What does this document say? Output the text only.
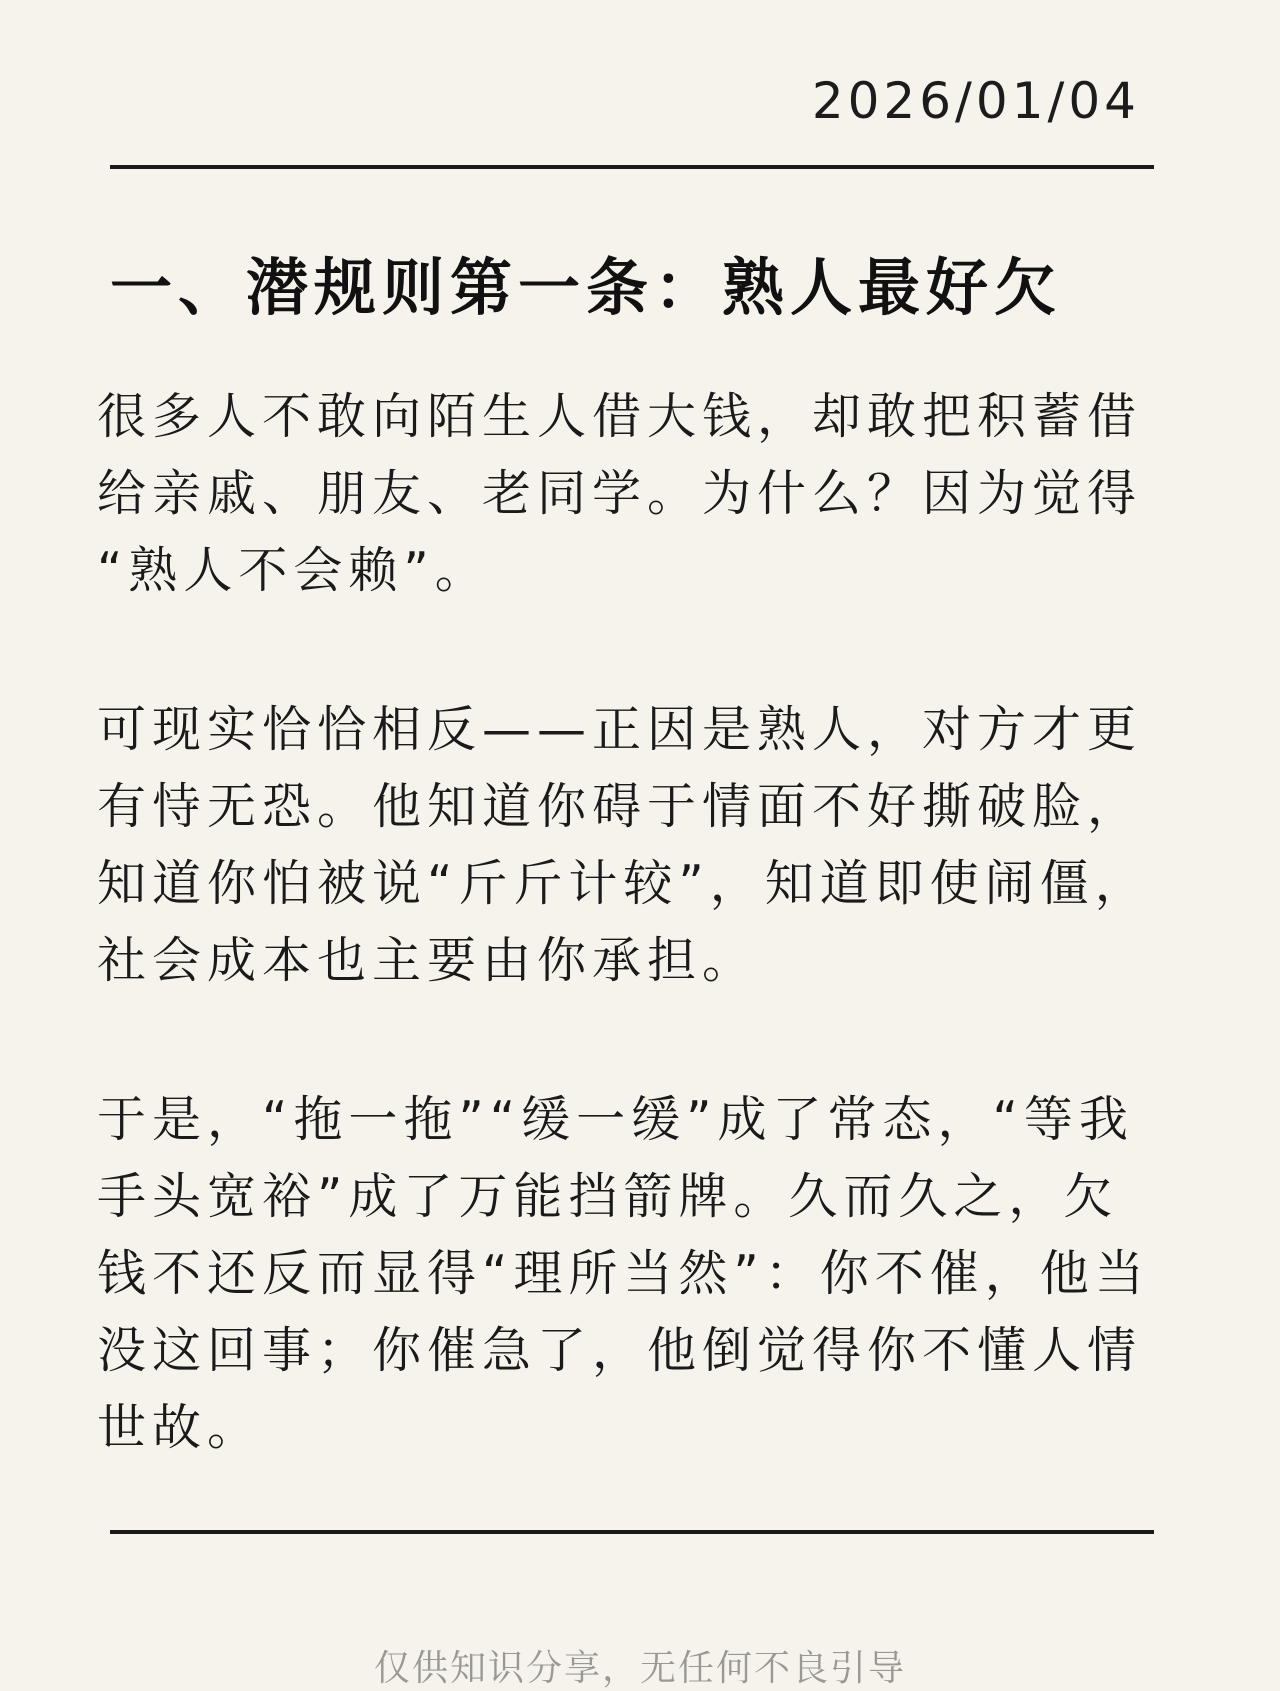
2026/01/04
一、潜规则第一条：熟人最好欠

很多人不敢向陌生人借大钱，却敢把积蓄借
给亲戚、朋友、老同学。为什么？因为觉得
“熟人不会赖”。

可现实恰恰相反——正因是熟人，对方才更
有恃无恐。他知道你碍于情面不好撕破脸，
知道你怕被说“斤斤计较”，知道即使闹僵，
社会成本也主要由你承担。

于是，“拖一拖”“缓一缓”成了常态，“等我
手头宽裕”成了万能挡箭牌。久而久之，欠
钱不还反而显得“理所当然”：你不催，他当
没这回事；你催急了，他倒觉得你不懂人情
世故。

仅供知识分享，无任何不良引导
